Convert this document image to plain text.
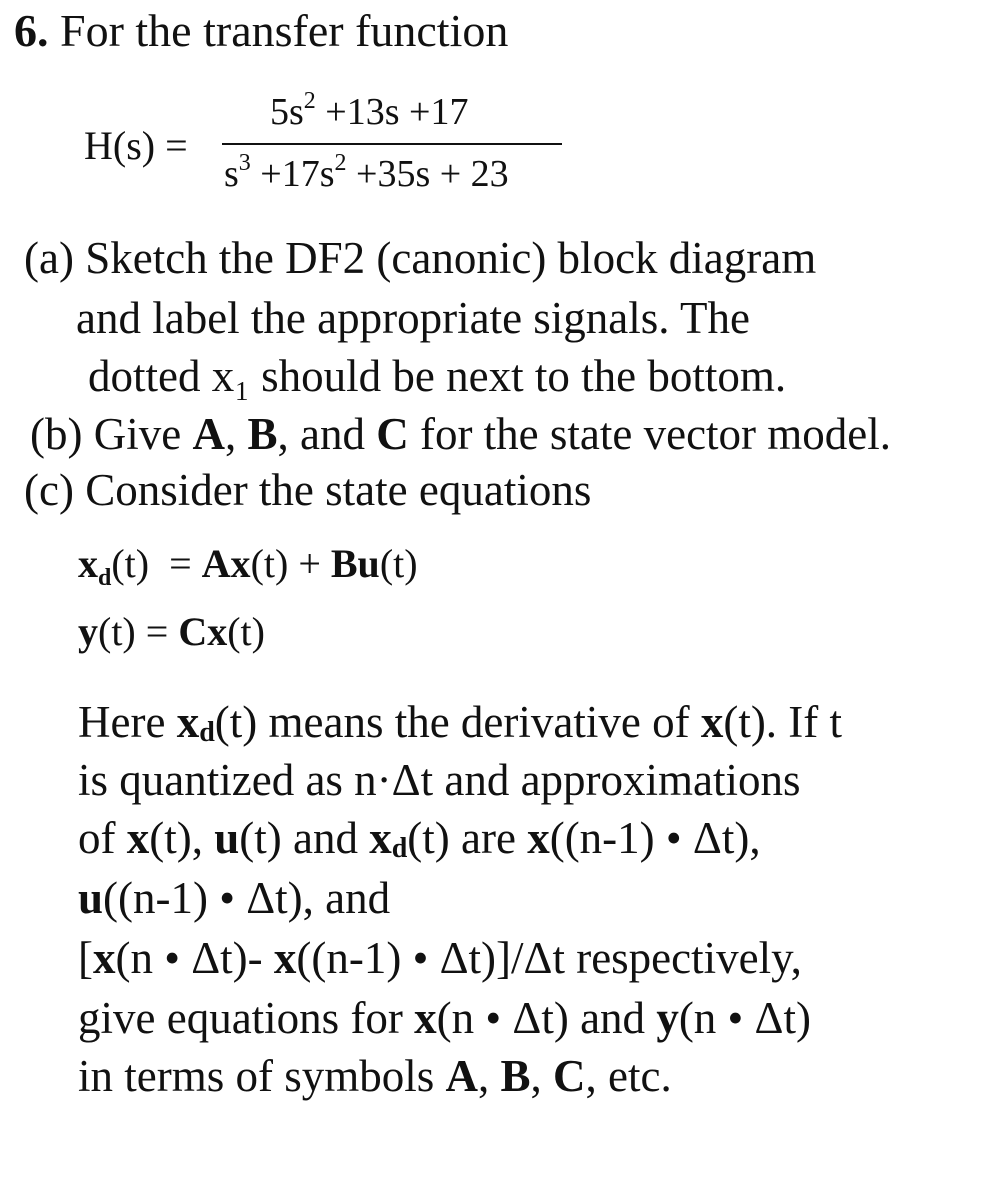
6. For the transfer function
H(s) =
$5s^2 +13s +17$
$s^3 +17s^2 +35s + 23$
(a) Sketch the DF2 (canonic) block diagram
and label the appropriate signals. The
dotted x₁ should be next to the bottom.
(b) Give A, B, and C for the state vector model.
(c) Consider the state equations
$x_d(t) = Ax(t) + Bu(t)$
y(t) = Cx(t)
Here xd(t) means the derivative of x(t). If t
is quantized as n·Δt and approximations
of x(t), u(t) and xd(t) are x((n-1) • Δt),
u((n-1) • Δt), and
[x(n • Δt)- x((n-1) • Δt)]/Δt respectively,
give equations for x(n • Δt) and y(n • Δt)
in terms of symbols A, B, C, etc.
